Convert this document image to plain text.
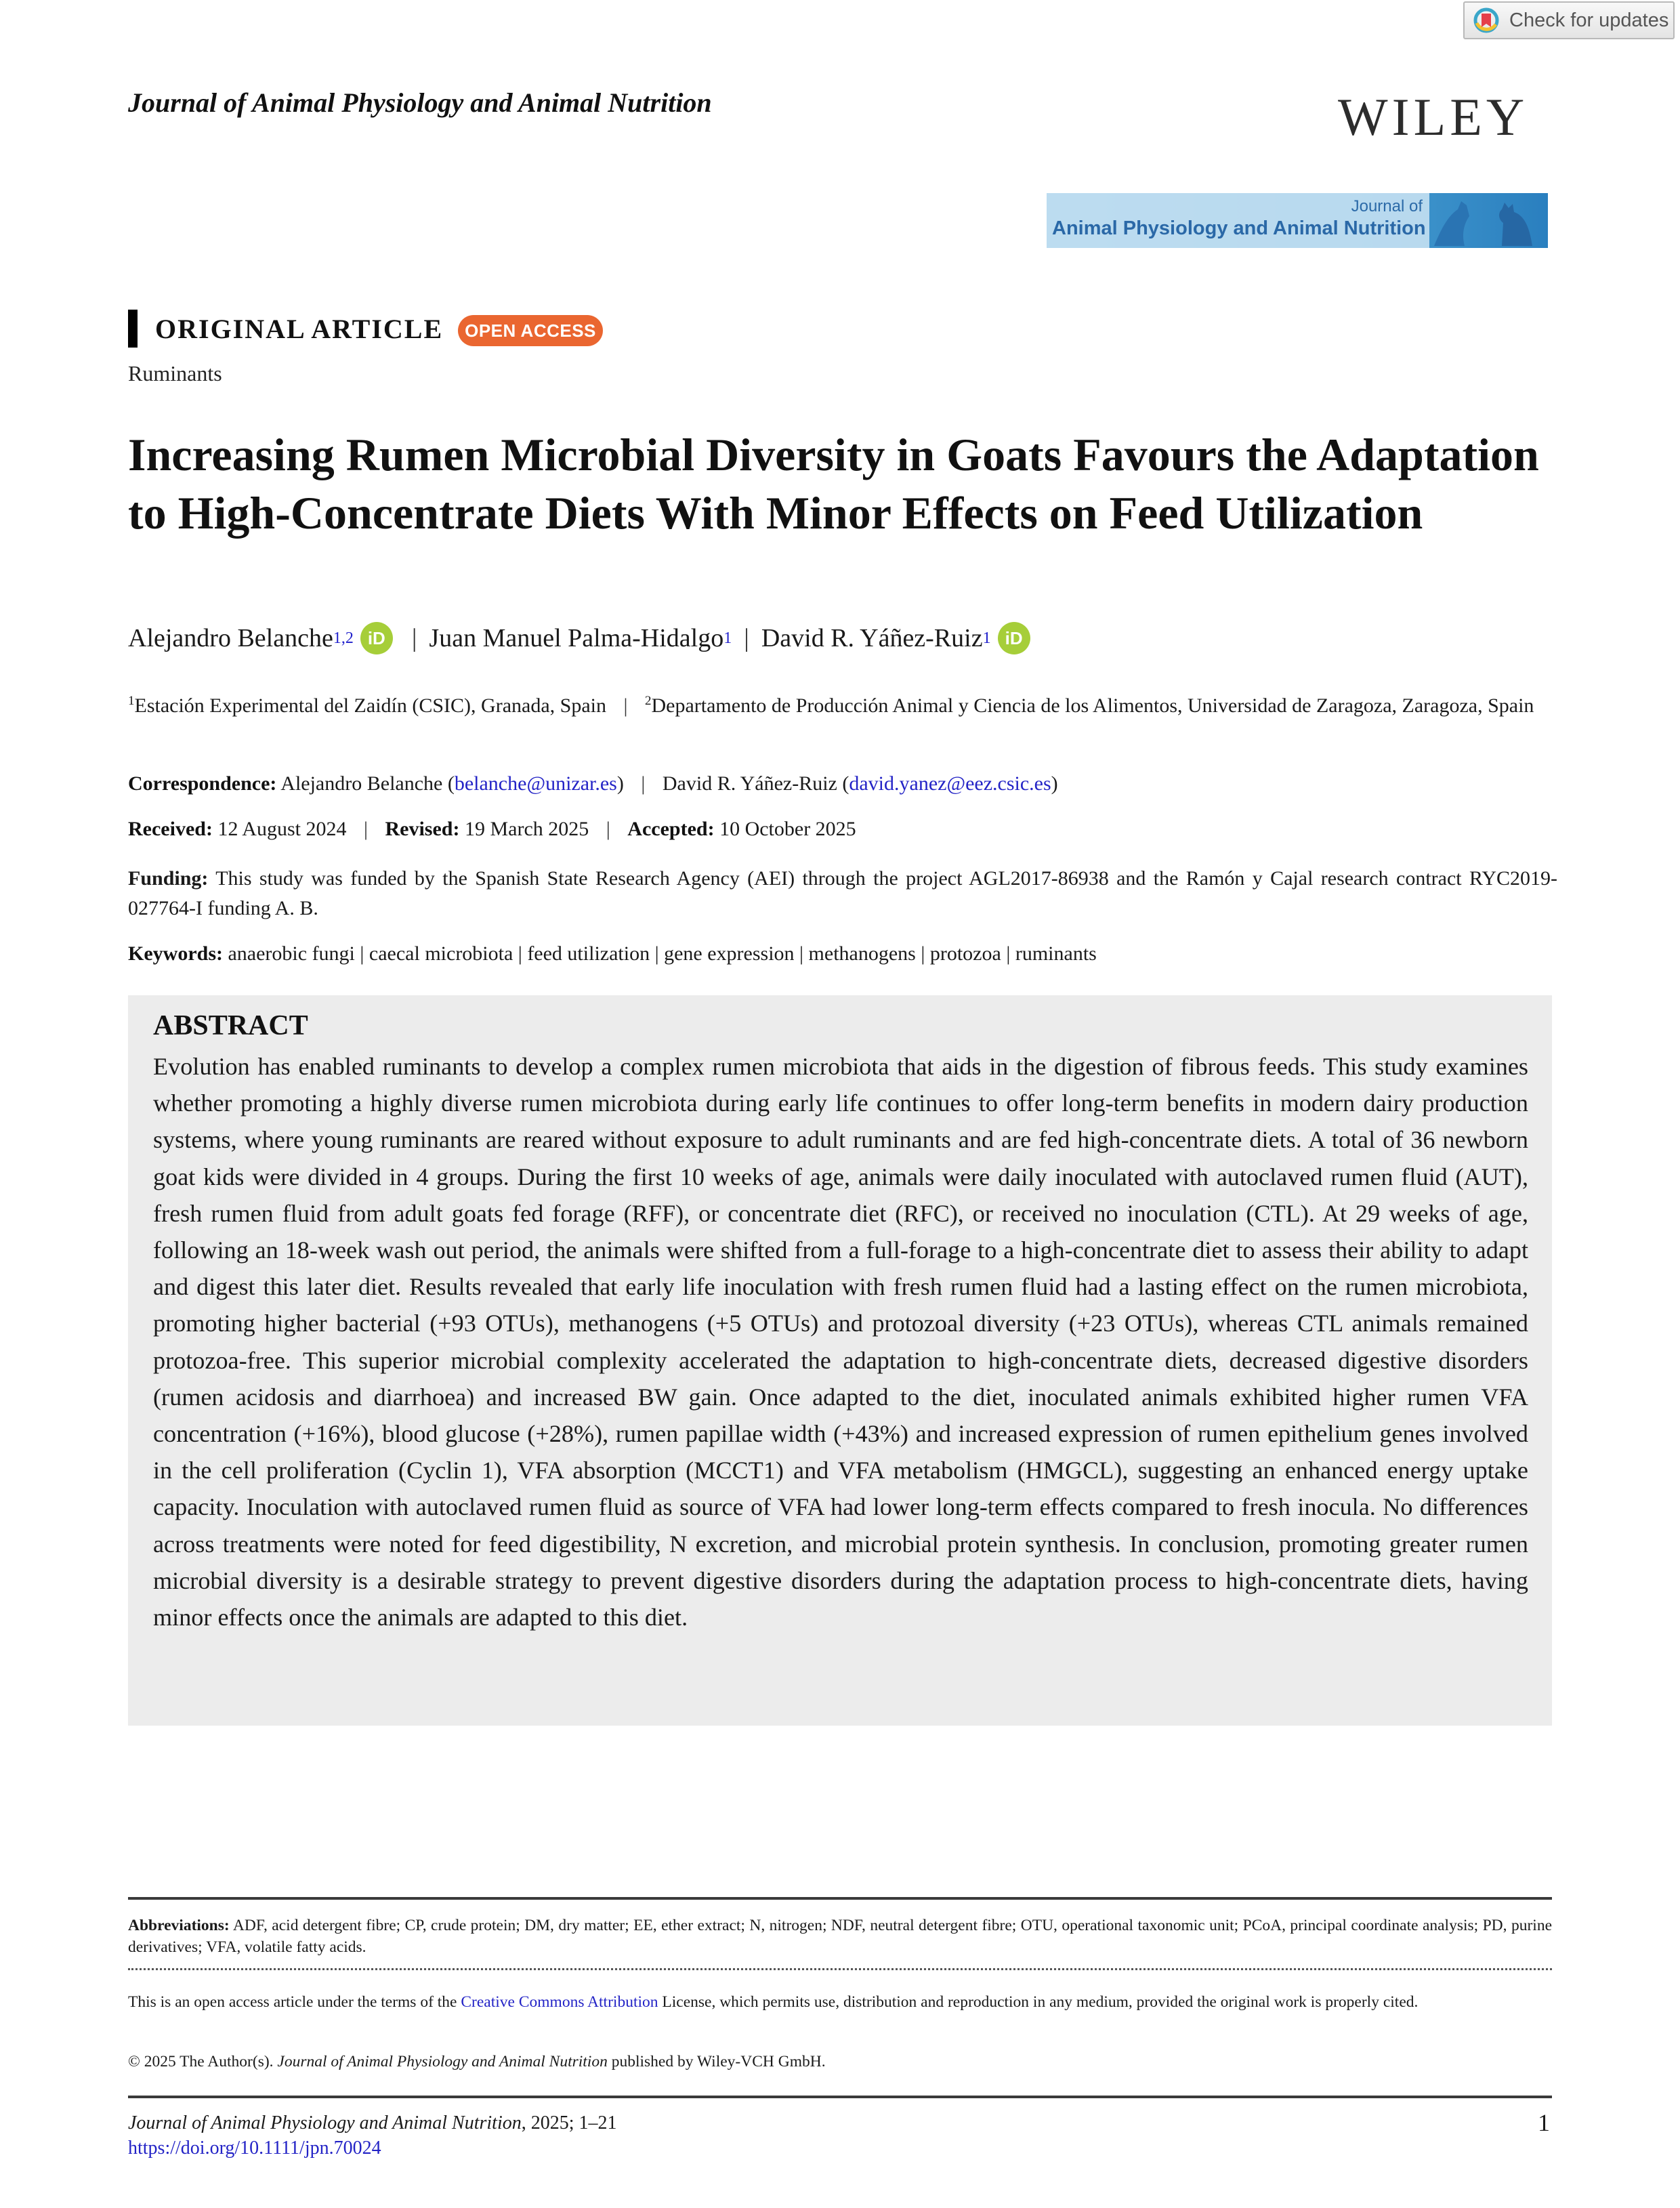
Check for updates
Journal of Animal Physiology and Animal Nutrition	WILEY
Journal of
Animal Physiology and Animal Nutrition
ORIGINAL ARTICLE	OPEN ACCESS
Ruminants
Increasing Rumen Microbial Diversity in Goats Favours the Adaptation to High-Concentrate Diets With Minor Effects on Feed Utilization
Alejandro Belanche 1,2 iD | Juan Manuel Palma-Hidalgo 1 | David R. Yáñez-Ruiz 1 iD
$^1$Estación Experimental del Zaidín (CSIC), Granada, Spain | $^2$Departamento de Producción Animal y Ciencia de los Alimentos, Universidad de Zaragoza, Zaragoza, Spain
Correspondence: Alejandro Belanche (belanche@unizar.es) | David R. Yáñez-Ruiz (david.yanez@eez.csic.es)
Received: 12 August 2024 | Revised: 19 March 2025 | Accepted: 10 October 2025
Funding: This study was funded by the Spanish State Research Agency (AEI) through the project AGL2017-86938 and the Ramón y Cajal research contract RYC2019-027764-I funding A. B.
Keywords: anaerobic fungi | caecal microbiota | feed utilization | gene expression | methanogens | protozoa | ruminants
ABSTRACT
Evolution has enabled ruminants to develop a complex rumen microbiota that aids in the digestion of fibrous feeds. This study examines whether promoting a highly diverse rumen microbiota during early life continues to offer long-term benefits in modern dairy production systems, where young ruminants are reared without exposure to adult ruminants and are fed high-concentrate diets. A total of 36 newborn goat kids were divided in 4 groups. During the first 10 weeks of age, animals were daily inoculated with autoclaved rumen fluid (AUT), fresh rumen fluid from adult goats fed forage (RFF), or concentrate diet (RFC), or received no inoculation (CTL). At 29 weeks of age, following an 18-week wash out period, the animals were shifted from a full-forage to a high-concentrate diet to assess their ability to adapt and digest this later diet. Results revealed that early life inoculation with fresh rumen fluid had a lasting effect on the rumen microbiota, promoting higher bacterial (+93 OTUs), methanogens (+5 OTUs) and protozoal diversity (+23 OTUs), whereas CTL animals remained protozoa-free. This superior microbial complexity accelerated the adaptation to high-concentrate diets, decreased digestive disorders (rumen acidosis and diarrhoea) and increased BW gain. Once adapted to the diet, inoculated animals exhibited higher rumen VFA concentration (+16%), blood glucose (+28%), rumen papillae width (+43%) and increased expression of rumen epithelium genes involved in the cell proliferation (Cyclin 1), VFA absorption (MCCT1) and VFA metabolism (HMGCL), suggesting an enhanced energy uptake capacity. Inoculation with autoclaved rumen fluid as source of VFA had lower long-term effects compared to fresh inocula. No differences across treatments were noted for feed digestibility, N excretion, and microbial protein synthesis. In conclusion, promoting greater rumen microbial diversity is a desirable strategy to prevent digestive disorders during the adaptation process to high-concentrate diets, having minor effects once the animals are adapted to this diet.
Abbreviations: ADF, acid detergent fibre; CP, crude protein; DM, dry matter; EE, ether extract; N, nitrogen; NDF, neutral detergent fibre; OTU, operational taxonomic unit; PCoA, principal coordinate analysis; PD, purine derivatives; VFA, volatile fatty acids.
This is an open access article under the terms of the Creative Commons Attribution License, which permits use, distribution and reproduction in any medium, provided the original work is properly cited.
© 2025 The Author(s). Journal of Animal Physiology and Animal Nutrition published by Wiley-VCH GmbH.
Journal of Animal Physiology and Animal Nutrition, 2025; 1–21
https://doi.org/10.1111/jpn.70024
1
